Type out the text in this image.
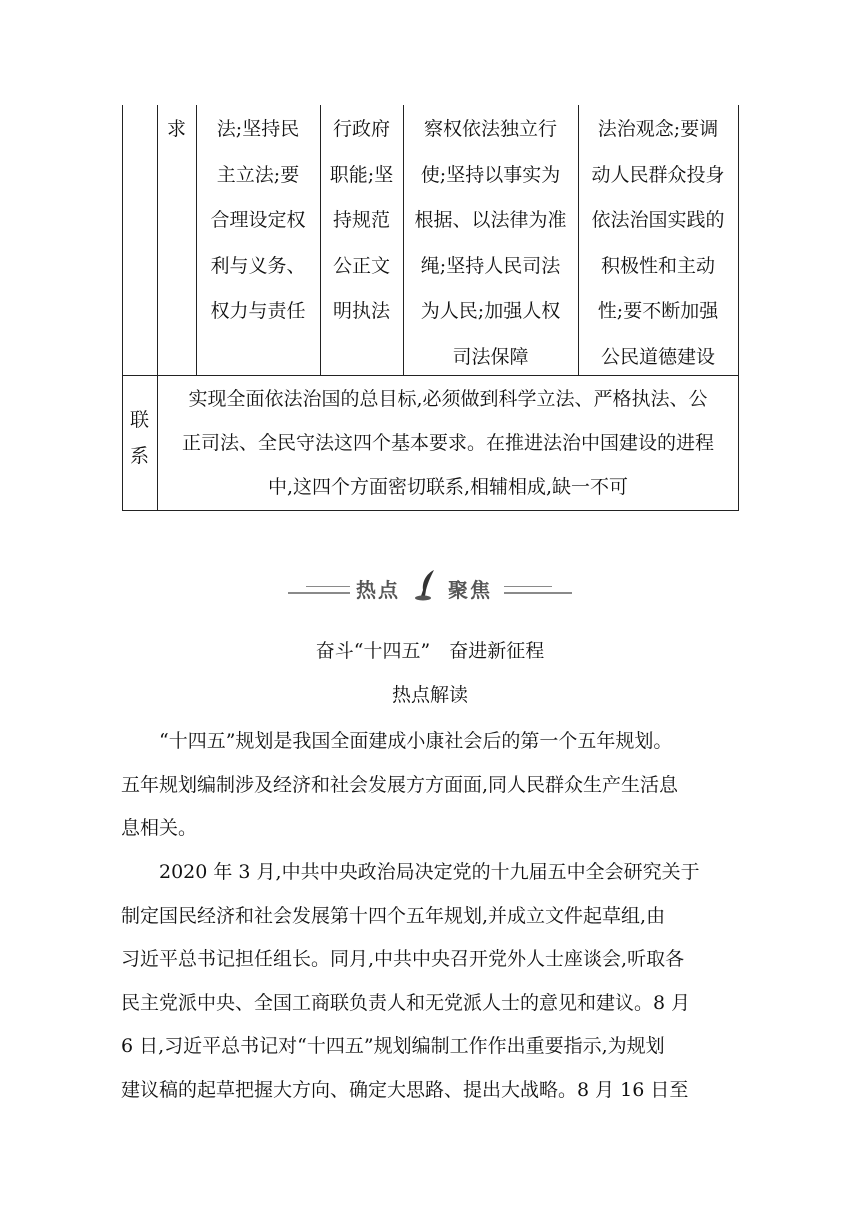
求	法;坚持民
主立法;要
合理设定权
利与义务、
权力与责任
行政府
职能;坚
持规范
公正文
明执法
察权依法独立行
使;坚持以事实为
根据、以法律为准
绳;坚持人民司法
为人民;加强人权
司法保障
法治观念;要调
动人民群众投身
依法治国实践的
积极性和主动
性;要不断加强
公民道德建设
联
系
实现全面依法治国的总目标,必须做到科学立法、严格执法、公
正司法、全民守法这四个基本要求。在推进法治中国建设的进程
中,这四个方面密切联系,相辅相成,缺一不可
热点 聚焦
奋斗“十四五”　奋进新征程
热点解读
　　“十四五”规划是我国全面建成小康社会后的第一个五年规划。
五年规划编制涉及经济和社会发展方方面面,同人民群众生产生活息
息相关。
　　2020 年 3 月,中共中央政治局决定党的十九届五中全会研究关于
制定国民经济和社会发展第十四个五年规划,并成立文件起草组,由
习近平总书记担任组长。同月,中共中央召开党外人士座谈会,听取各
民主党派中央、全国工商联负责人和无党派人士的意见和建议。8 月
6 日,习近平总书记对“十四五”规划编制工作作出重要指示,为规划
建议稿的起草把握大方向、确定大思路、提出大战略。8 月 16 日至
